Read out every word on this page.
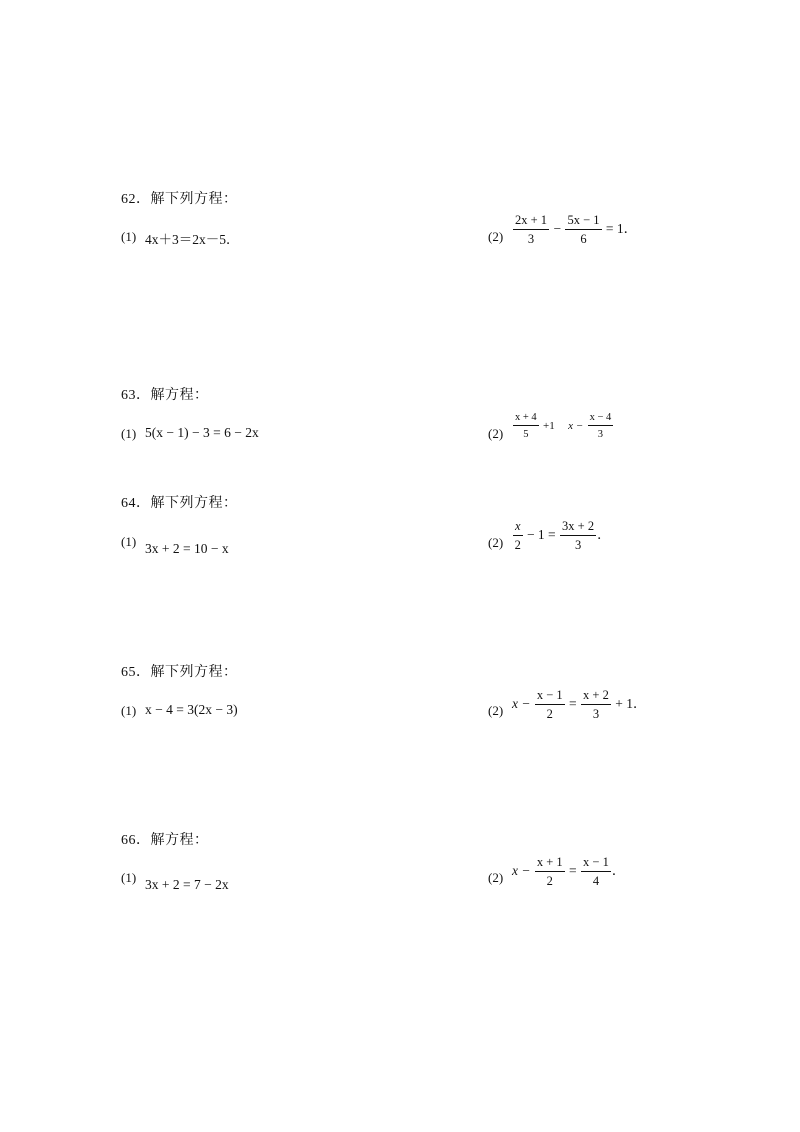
62．解下列方程：
(1) 4x＋3＝2x－5．	$(2) \frac{2x + 1}{3} - \frac{5x - 1}{6} = 1$．
63．解方程：
(1) 5(x − 1) − 3 = 6 − 2x	$(2) \frac{x + 4}{5} +1$ $x - \frac{x - 4}{3}$
64．解下列方程：
(1) 3x + 2 = 10 − x	$(2) \frac{x}{2} - 1 = \frac{3x + 2}{3}$ ．
65．解下列方程：
(1) x − 4 = 3(2x − 3)	(2) $x - \frac{x - 1}{2} = \frac{x + 2}{3} + 1$．
66．解方程：
(1) 3x + 2 = 7 − 2x	(2) $x - \frac{x + 1}{2} = \frac{x - 1}{4}$ ．
